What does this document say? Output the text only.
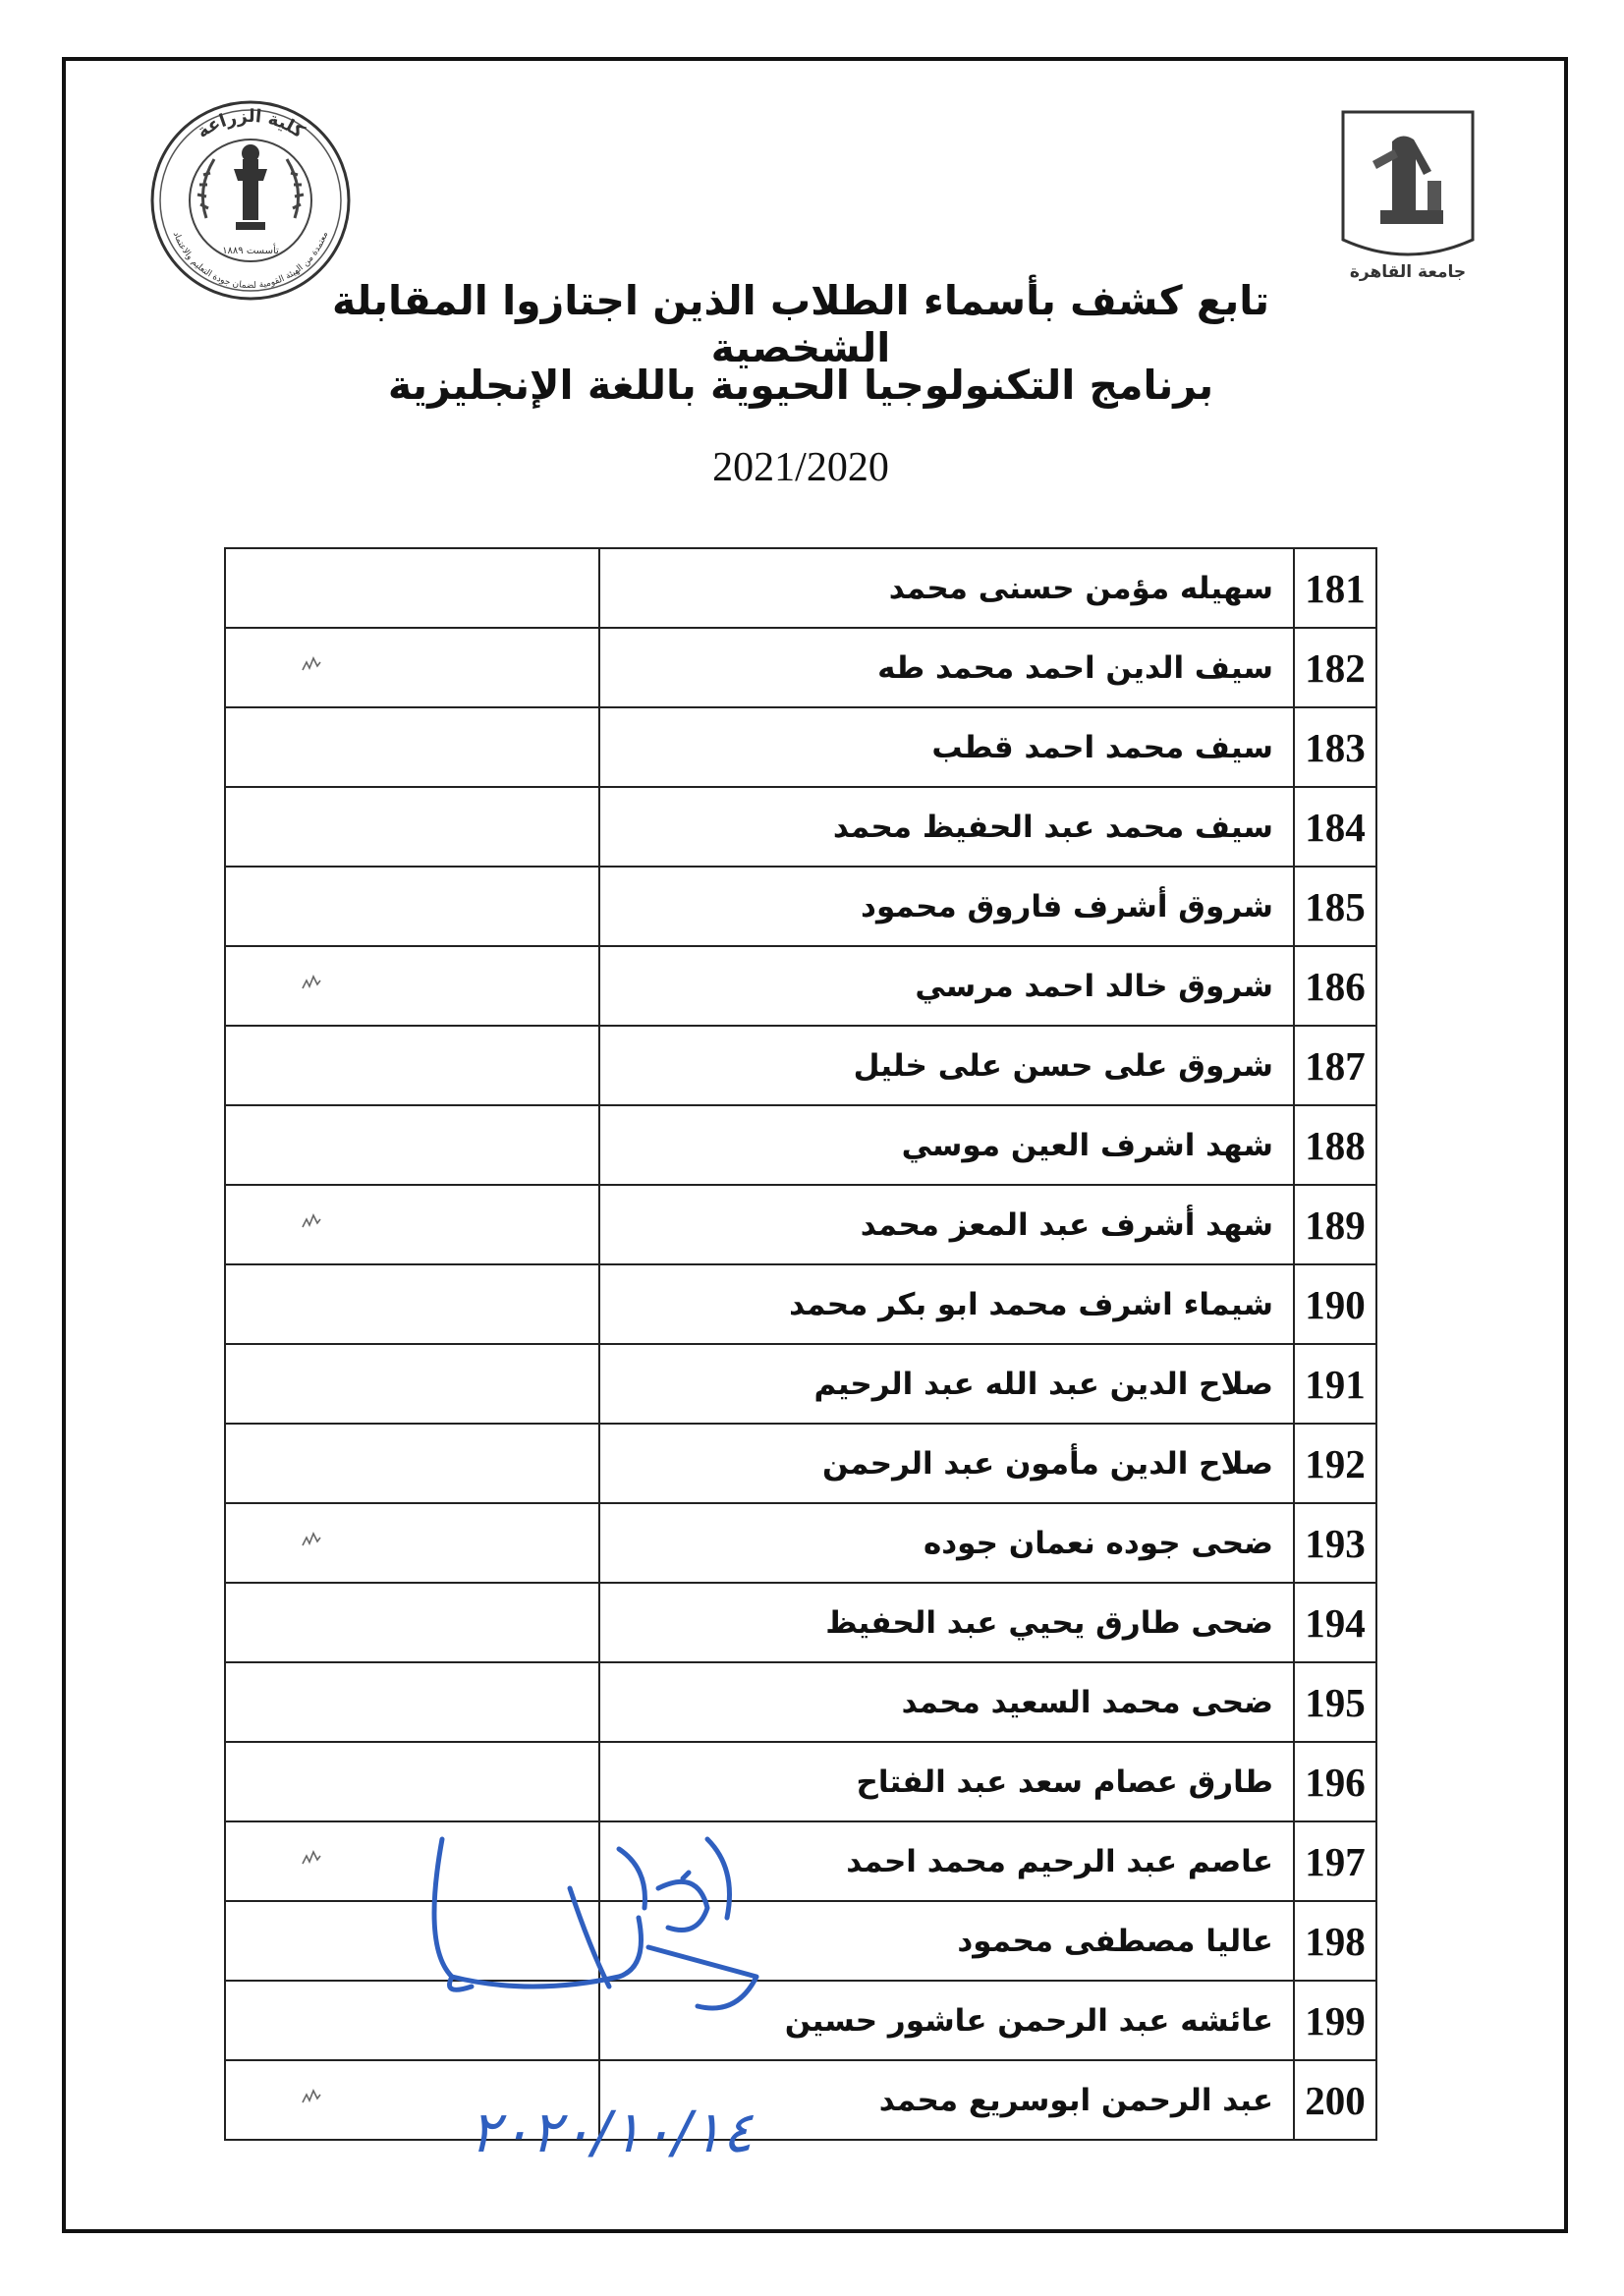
تأسست ١٨٨٩
كلية الزراعة
معتمدة من الهيئة القومية لضمان جودة التعليم والاعتماد
جامعة القاهرة
تابع كشف بأسماء الطلاب الذين اجتازوا المقابلة الشخصية
برنامج التكنولوجيا الحيوية باللغة الإنجليزية
2021/2020
	سهيله مؤمن حسنى محمد	181

	سيف الدين احمد محمد طه	182
	سيف محمد احمد قطب	183
	سيف محمد عبد الحفيظ محمد	184
	شروق أشرف فاروق محمود	185

	شروق خالد احمد مرسي	186
	شروق على حسن على خليل	187
	شهد اشرف العين موسي	188

	شهد أشرف عبد المعز محمد	189
	شيماء اشرف محمد ابو بكر محمد	190
	صلاح الدين عبد الله عبد الرحيم	191
	صلاح الدين مأمون عبد الرحمن	192

	ضحى جوده نعمان جوده	193
	ضحى طارق يحيي عبد الحفيظ	194
	ضحى محمد السعيد محمد	195
	طارق عصام سعد عبد الفتاح	196

	عاصم عبد الرحيم محمد احمد	197
	عاليا مصطفى محمود	198
	عائشه عبد الرحمن عاشور حسين	199

	عبد الرحمن ابوسريع محمد	200
٢٠٢٠/١٠/١٤
